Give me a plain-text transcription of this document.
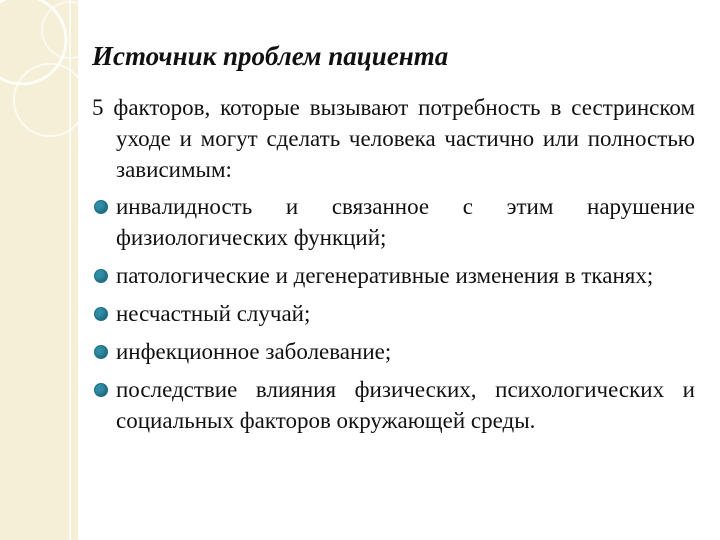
Источник проблем пациента

5 факторов, которые вызывают потребность в сестринском уходе и могут сделать человека частично или полностью зависимым:

инвалидность и связанное с этим нарушение физиологических функций;
патологические и дегенеративные изменения в тканях;
несчастный случай;
инфекционное заболевание;
последствие влияния физических, психологических и социальных факторов окружающей среды.
